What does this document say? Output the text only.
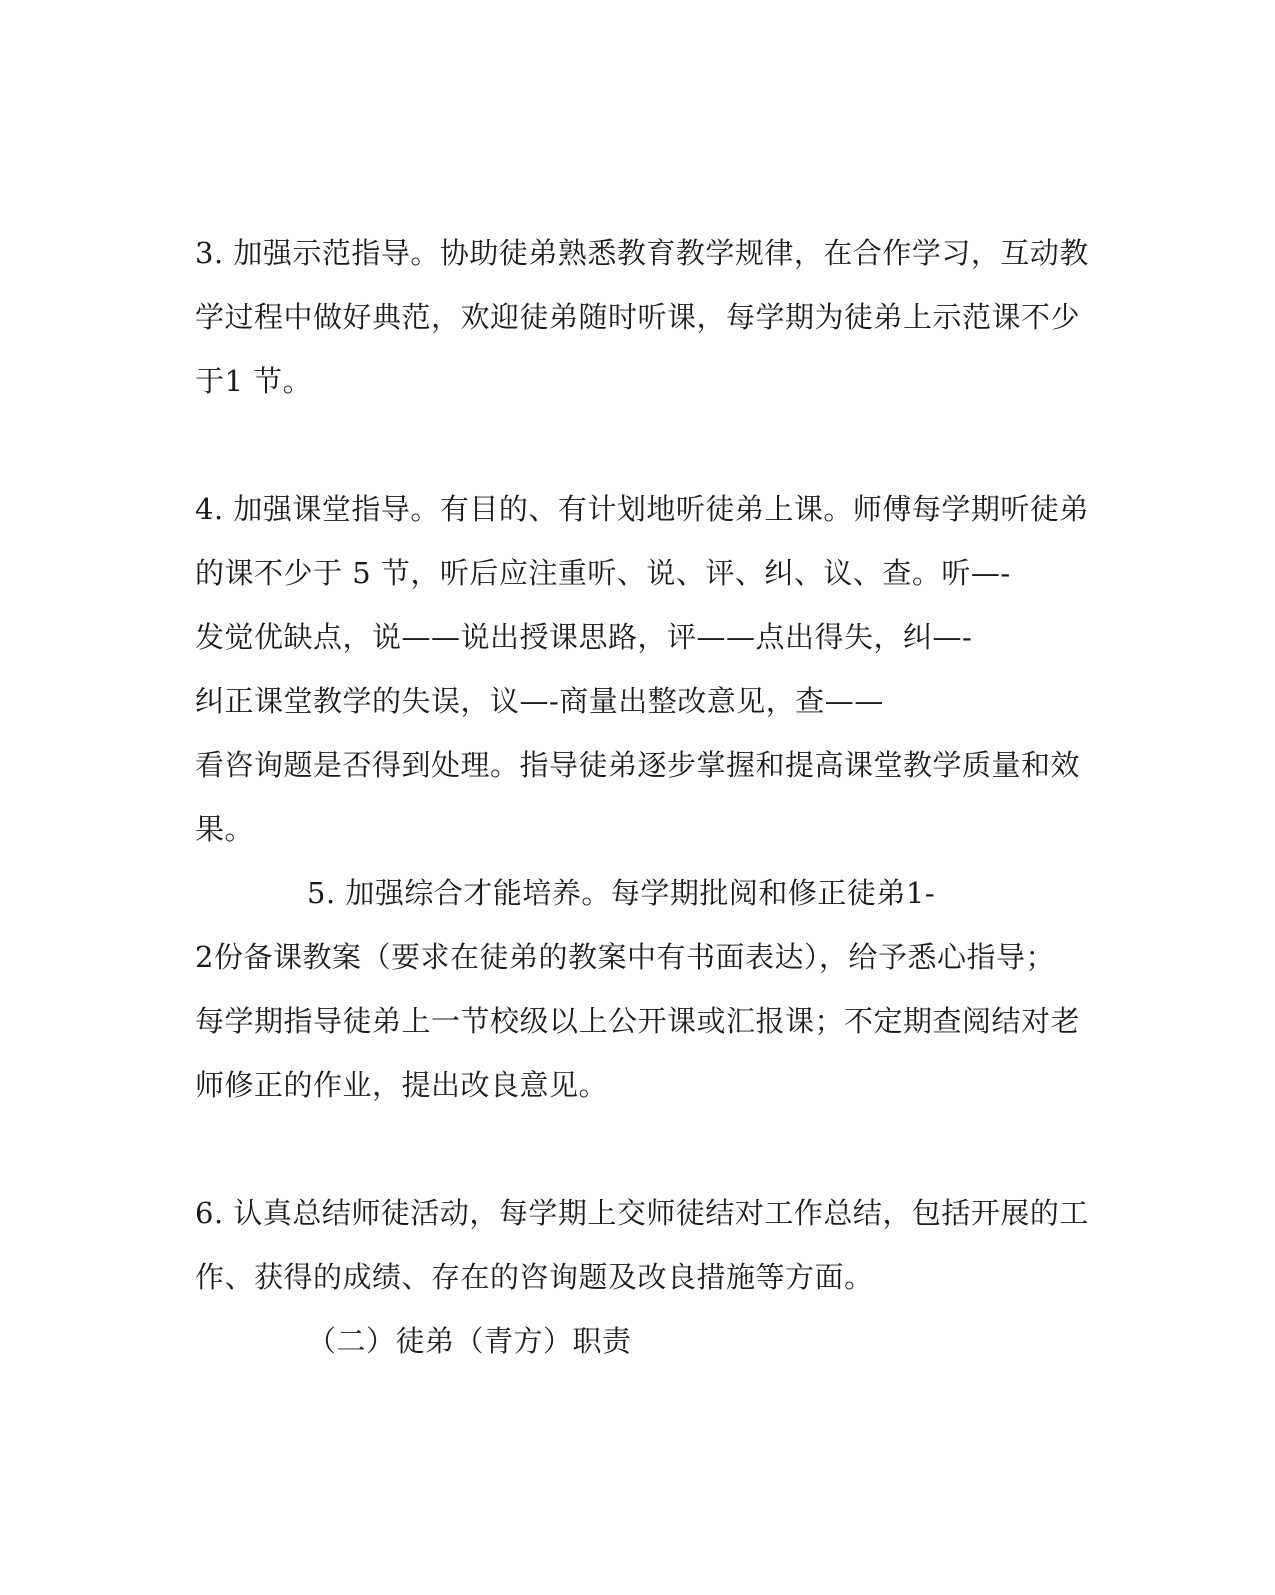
3. 加强示范指导。协助徒弟熟悉教育教学规律，在合作学习，互动教
学过程中做好典范，欢迎徒弟随时听课，每学期为徒弟上示范课不少
于1 节。
4. 加强课堂指导。有目的、有计划地听徒弟上课。师傅每学期听徒弟
的课不少于 5 节，听后应注重听、说、评、纠、议、查。听—-
发觉优缺点，说——说出授课思路，评——点出得失，纠—-
纠正课堂教学的失误，议—-商量出整改意见，查——
看咨询题是否得到处理。指导徒弟逐步掌握和提高课堂教学质量和效
果。
5. 加强综合才能培养。每学期批阅和修正徒弟1-
2份备课教案（要求在徒弟的教案中有书面表达），给予悉心指导；
每学期指导徒弟上一节校级以上公开课或汇报课；不定期查阅结对老
师修正的作业，提出改良意见。
6. 认真总结师徒活动，每学期上交师徒结对工作总结，包括开展的工
作、获得的成绩、存在的咨询题及改良措施等方面。
（二）徒弟（青方）职责
